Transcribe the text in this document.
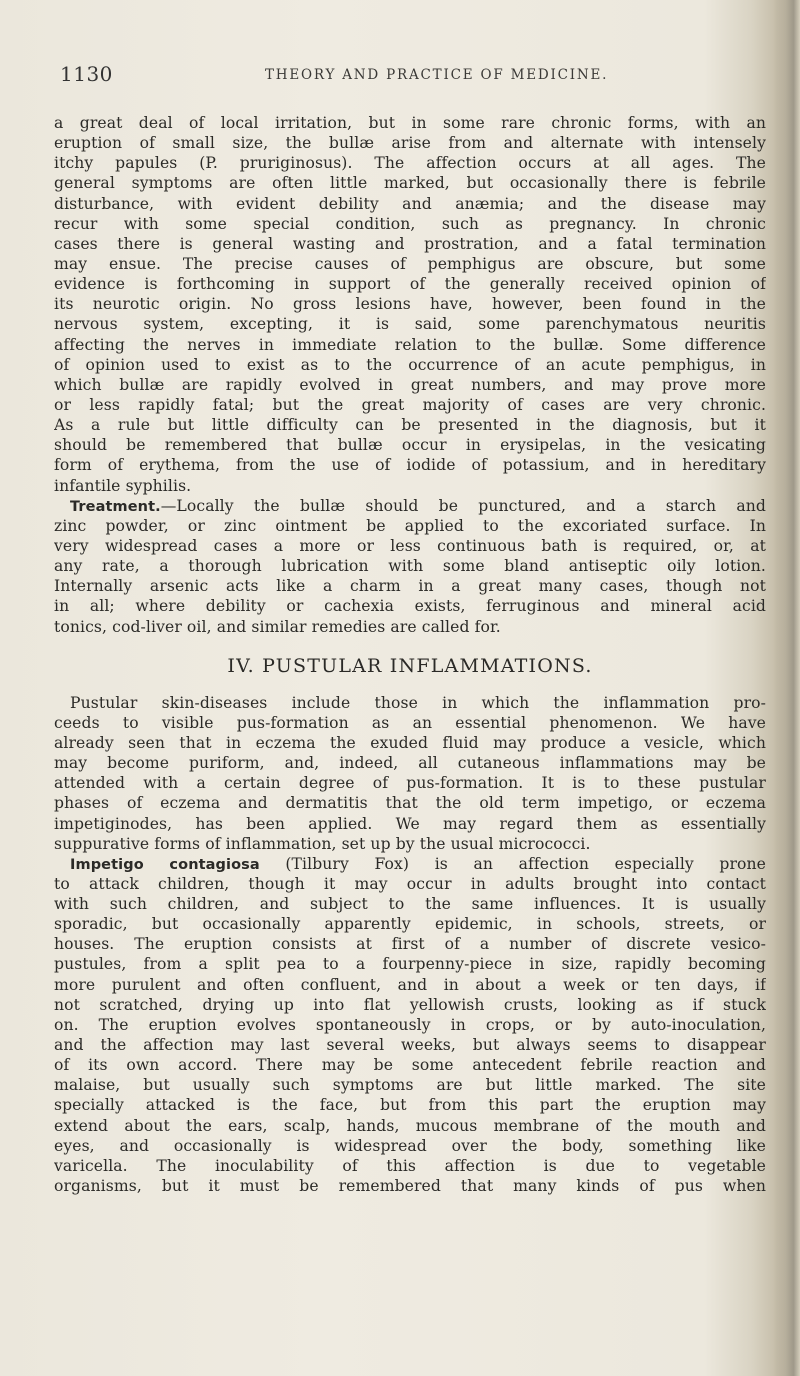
1130	THEORY AND PRACTICE OF MEDICINE.
a great deal of local irritation, but in some rare chronic forms, with an
eruption of small size, the bullæ arise from and alternate with intensely
itchy papules (P. pruriginosus). The affection occurs at all ages. The
general symptoms are often little marked, but occasionally there is febrile
disturbance, with evident debility and anæmia; and the disease may
recur with some special condition, such as pregnancy. In chronic
cases there is general wasting and prostration, and a fatal termination
may ensue. The precise causes of pemphigus are obscure, but some
evidence is forthcoming in support of the generally received opinion of
its neurotic origin. No gross lesions have, however, been found in the
nervous system, excepting, it is said, some parenchymatous neuritis
affecting the nerves in immediate relation to the bullæ. Some difference
of opinion used to exist as to the occurrence of an acute pemphigus, in
which bullæ are rapidly evolved in great numbers, and may prove more
or less rapidly fatal; but the great majority of cases are very chronic.
As a rule but little difficulty can be presented in the diagnosis, but it
should be remembered that bullæ occur in erysipelas, in the vesicating
form of erythema, from the use of iodide of potassium, and in hereditary
infantile syphilis.
Treatment.—Locally the bullæ should be punctured, and a starch and
zinc powder, or zinc ointment be applied to the excoriated surface. In
very widespread cases a more or less continuous bath is required, or, at
any rate, a thorough lubrication with some bland antiseptic oily lotion.
Internally arsenic acts like a charm in a great many cases, though not
in all; where debility or cachexia exists, ferruginous and mineral acid
tonics, cod-liver oil, and similar remedies are called for.
IV. PUSTULAR INFLAMMATIONS.
Pustular skin-diseases include those in which the inflammation pro-
ceeds to visible pus-formation as an essential phenomenon. We have
already seen that in eczema the exuded fluid may produce a vesicle, which
may become puriform, and, indeed, all cutaneous inflammations may be
attended with a certain degree of pus-formation. It is to these pustular
phases of eczema and dermatitis that the old term impetigo, or eczema
impetiginodes, has been applied. We may regard them as essentially
suppurative forms of inflammation, set up by the usual micrococci.
Impetigo contagiosa (Tilbury Fox) is an affection especially prone
to attack children, though it may occur in adults brought into contact
with such children, and subject to the same influences. It is usually
sporadic, but occasionally apparently epidemic, in schools, streets, or
houses. The eruption consists at first of a number of discrete vesico-
pustules, from a split pea to a fourpenny-piece in size, rapidly becoming
more purulent and often confluent, and in about a week or ten days, if
not scratched, drying up into flat yellowish crusts, looking as if stuck
on. The eruption evolves spontaneously in crops, or by auto-inoculation,
and the affection may last several weeks, but always seems to disappear
of its own accord. There may be some antecedent febrile reaction and
malaise, but usually such symptoms are but little marked. The site
specially attacked is the face, but from this part the eruption may
extend about the ears, scalp, hands, mucous membrane of the mouth and
eyes, and occasionally is widespread over the body, something like
varicella. The inoculability of this affection is due to vegetable
organisms, but it must be remembered that many kinds of pus when
